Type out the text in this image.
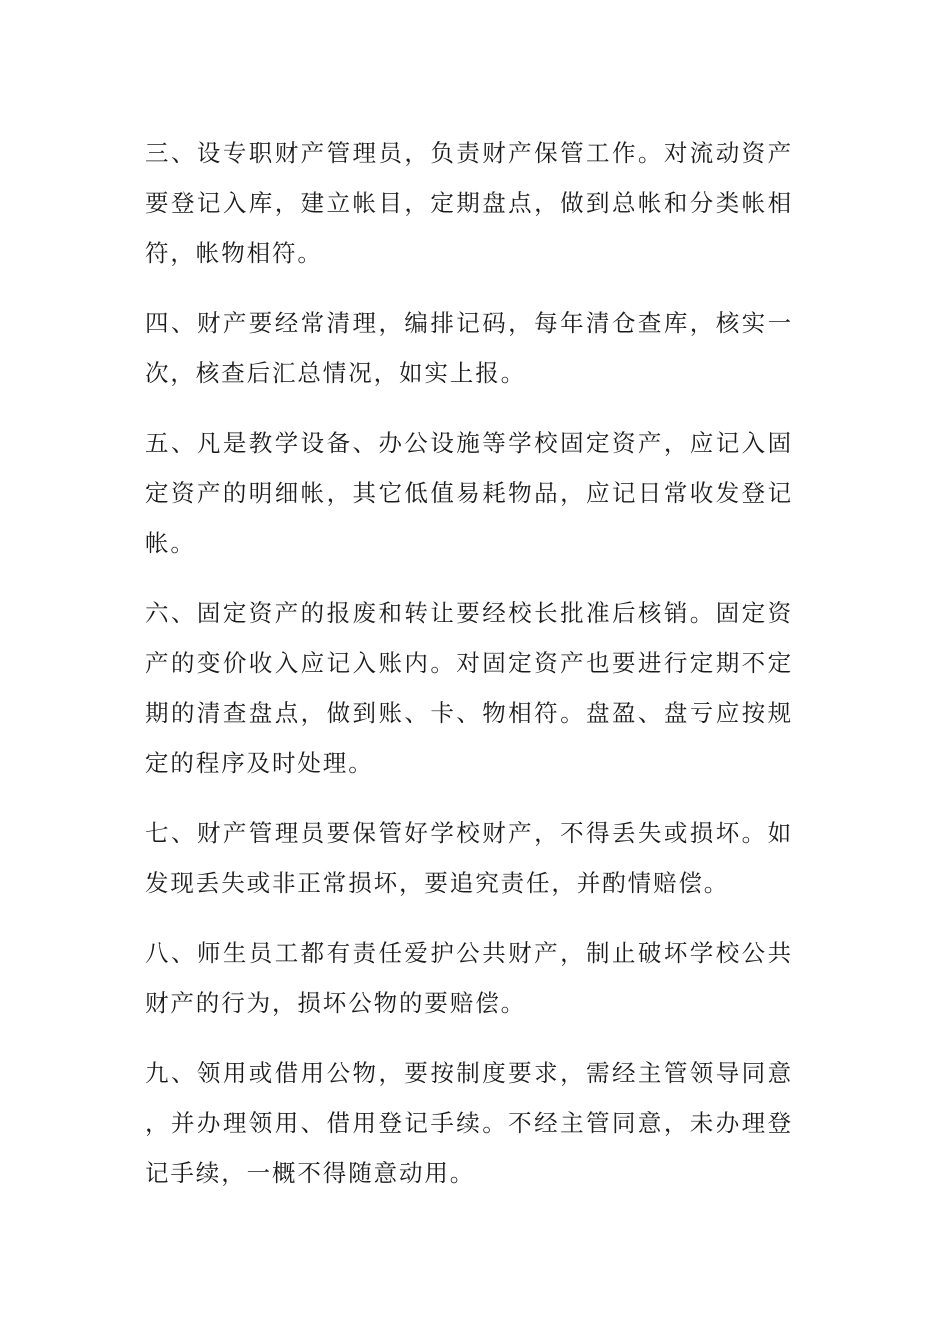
三、设专职财产管理员，负责财产保管工作。对流动资产要登记入库，建立帐目，定期盘点，做到总帐和分类帐相符，帐物相符。

四、财产要经常清理，编排记码，每年清仓查库，核实一次，核查后汇总情况，如实上报。

五、凡是教学设备、办公设施等学校固定资产，应记入固定资产的明细帐，其它低值易耗物品，应记日常收发登记帐。

六、固定资产的报废和转让要经校长批准后核销。固定资产的变价收入应记入账内。对固定资产也要进行定期不定期的清查盘点，做到账、卡、物相符。盘盈、盘亏应按规定的程序及时处理。

七、财产管理员要保管好学校财产，不得丢失或损坏。如发现丢失或非正常损坏，要追究责任，并酌情赔偿。

八、师生员工都有责任爱护公共财产，制止破坏学校公共财产的行为，损坏公物的要赔偿。

九、领用或借用公物，要按制度要求，需经主管领导同意，并办理领用、借用登记手续。不经主管同意，未办理登记手续，一概不得随意动用。
